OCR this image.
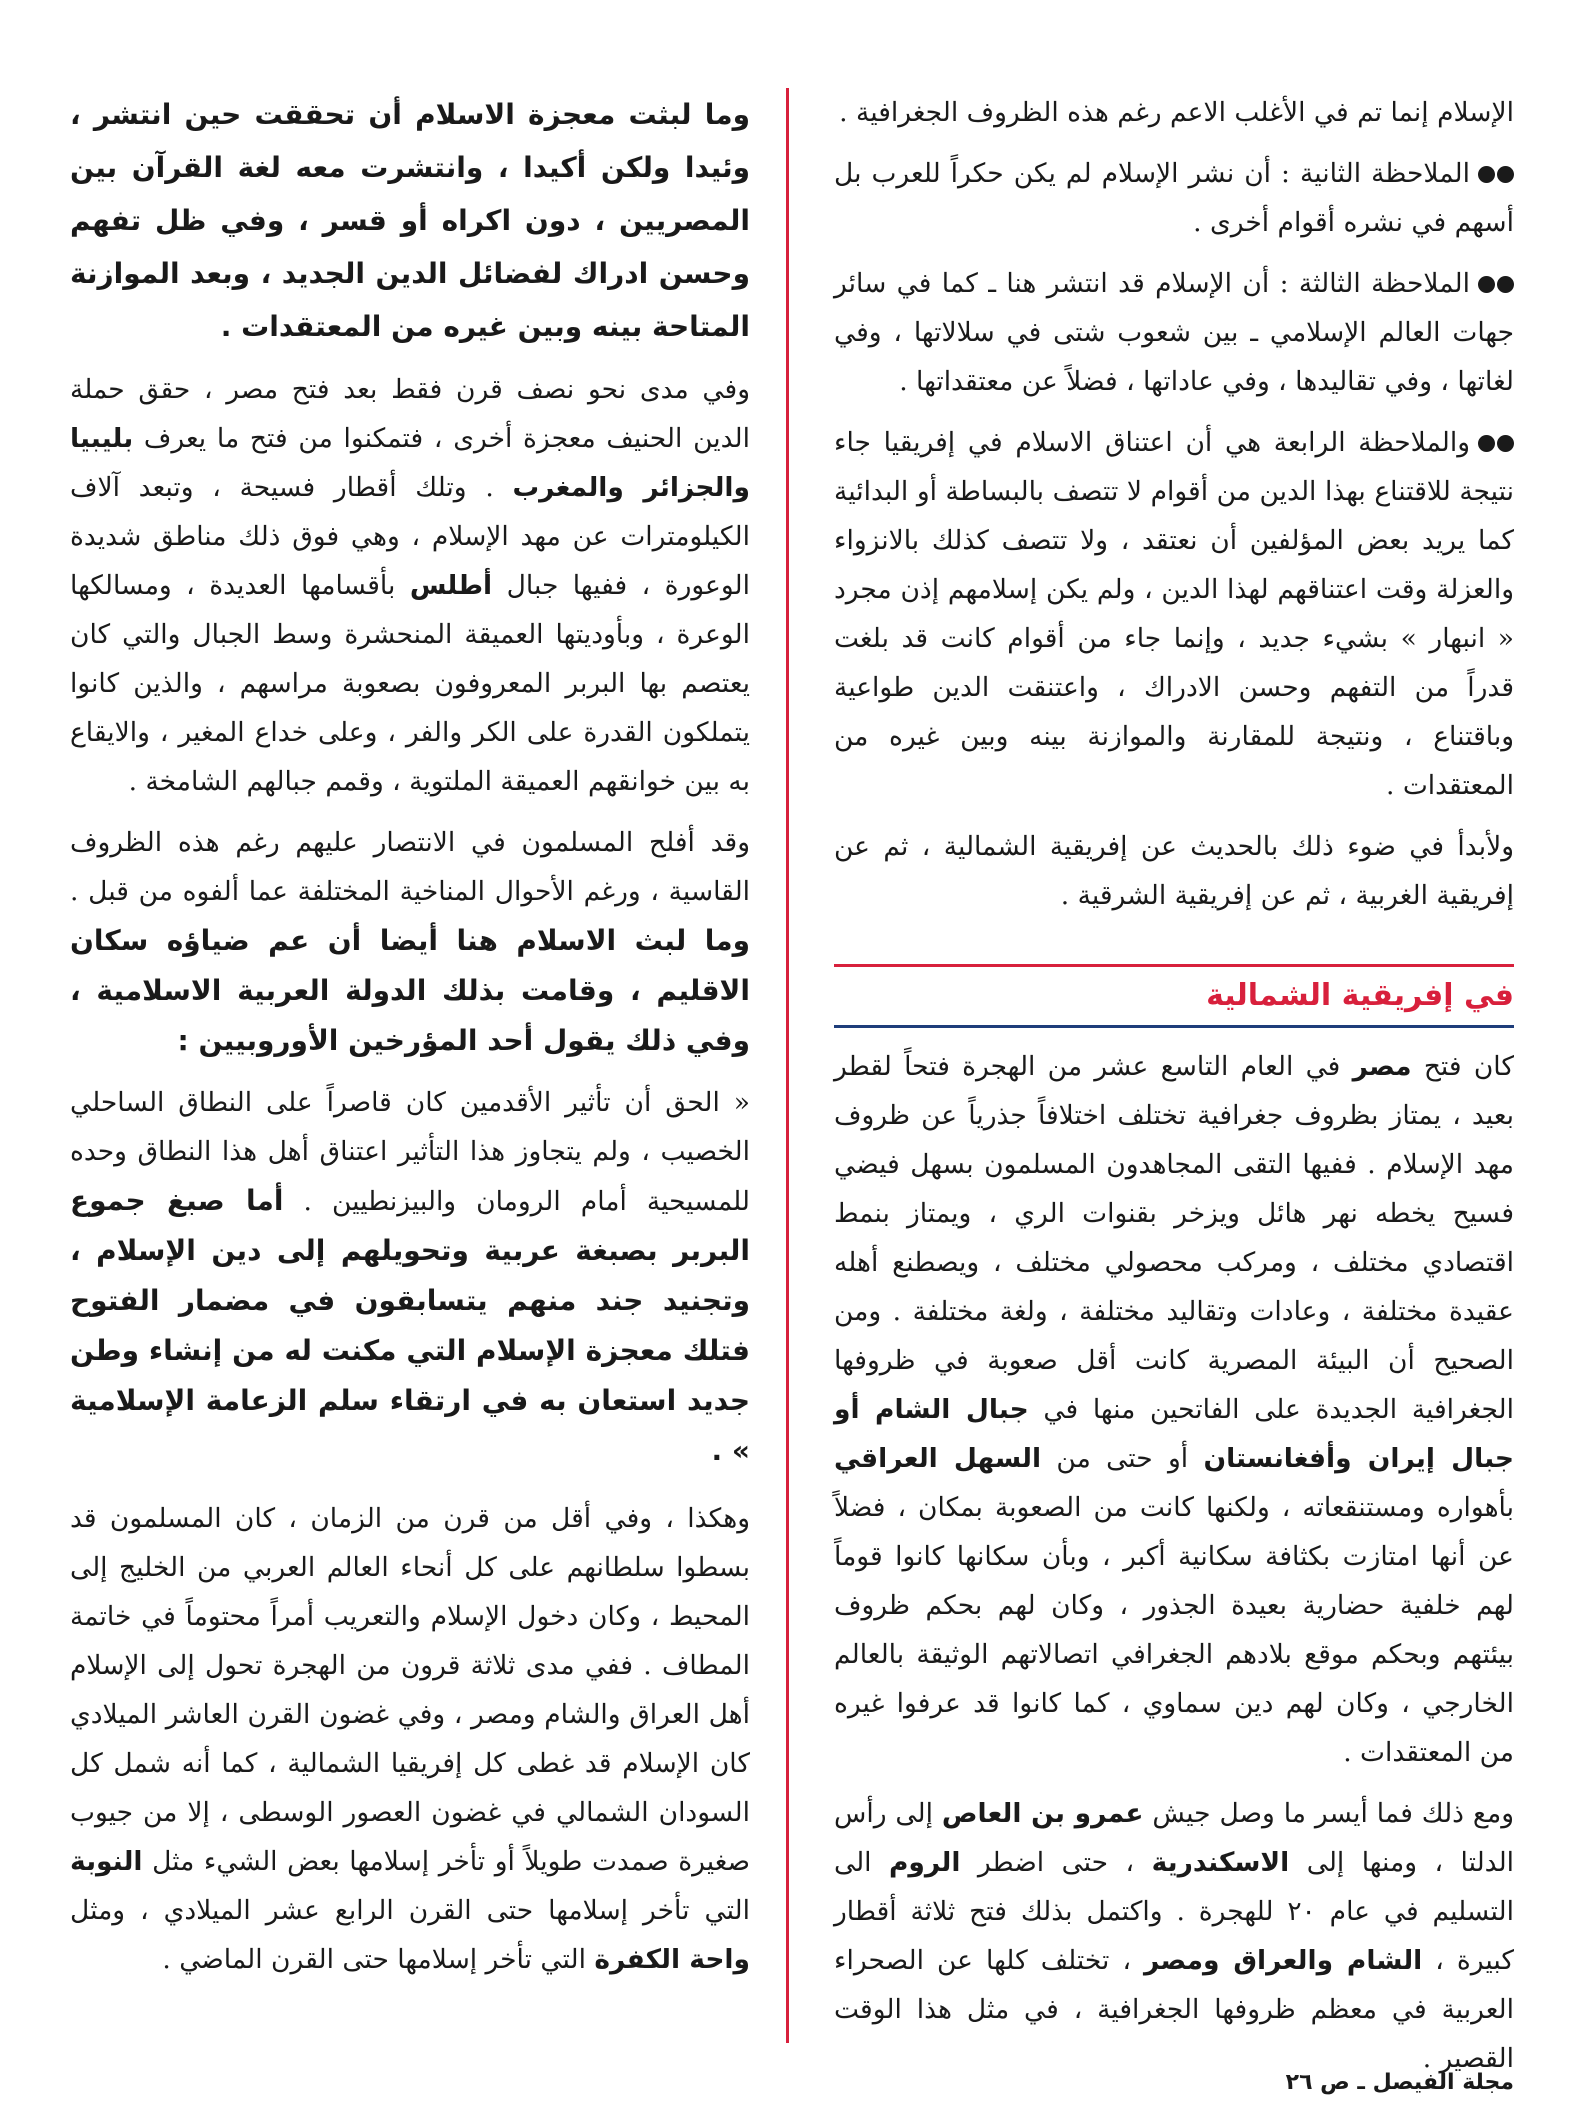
الإسلام إنما تم في الأغلب الاعم رغم هذه الظروف الجغرافية .

الملاحظة الثانية : أن نشر الإسلام لم يكن حكراً للعرب بل أسهم في نشره أقوام أخرى .

الملاحظة الثالثة : أن الإسلام قد انتشر هنا ـ كما في سائر جهات العالم الإسلامي ـ بين شعوب شتى في سلالاتها ، وفي لغاتها ، وفي تقاليدها ، وفي عاداتها ، فضلاً عن معتقداتها .

والملاحظة الرابعة هي أن اعتناق الاسلام في إفريقيا جاء نتيجة للاقتناع بهذا الدين من أقوام لا تتصف بالبساطة أو البدائية كما يريد بعض المؤلفين أن نعتقد ، ولا تتصف كذلك بالانزواء والعزلة وقت اعتناقهم لهذا الدين ، ولم يكن إسلامهم إذن مجرد « انبهار » بشيء جديد ، وإنما جاء من أقوام كانت قد بلغت قدراً من التفهم وحسن الادراك ، واعتنقت الدين طواعية وباقتناع ، ونتيجة للمقارنة والموازنة بينه وبين غيره من المعتقدات .

ولأبدأ في ضوء ذلك بالحديث عن إفريقية الشمالية ، ثم عن إفريقية الغربية ، ثم عن إفريقية الشرقية .

في إفريقية الشمالية

كان فتح مصر في العام التاسع عشر من الهجرة فتحاً لقطر بعيد ، يمتاز بظروف جغرافية تختلف اختلافاً جذرياً عن ظروف مهد الإسلام . ففيها التقى المجاهدون المسلمون بسهل فيضي فسيح يخطه نهر هائل ويزخر بقنوات الري ، ويمتاز بنمط اقتصادي مختلف ، ومركب محصولي مختلف ، ويصطنع أهله عقيدة مختلفة ، وعادات وتقاليد مختلفة ، ولغة مختلفة . ومن الصحيح أن البيئة المصرية كانت أقل صعوبة في ظروفها الجغرافية الجديدة على الفاتحين منها في جبال الشام أو جبال إيران وأفغانستان أو حتى من السهل العراقي بأهواره ومستنقعاته ، ولكنها كانت من الصعوبة بمكان ، فضلاً عن أنها امتازت بكثافة سكانية أكبر ، وبأن سكانها كانوا قوماً لهم خلفية حضارية بعيدة الجذور ، وكان لهم بحكم ظروف بيئتهم وبحكم موقع بلادهم الجغرافي اتصالاتهم الوثيقة بالعالم الخارجي ، وكان لهم دين سماوي ، كما كانوا قد عرفوا غيره من المعتقدات .

ومع ذلك فما أيسر ما وصل جيش عمرو بن العاص إلى رأس الدلتا ، ومنها إلى الاسكندرية ، حتى اضطر الروم الى التسليم في عام ٢٠ للهجرة . واكتمل بذلك فتح ثلاثة أقطار كبيرة ، الشام والعراق ومصر ، تختلف كلها عن الصحراء العربية في معظم ظروفها الجغرافية ، في مثل هذا الوقت القصير .

وما لبثت معجزة الاسلام أن تحققت حين انتشر ، وئيدا ولكن أكيدا ، وانتشرت معه لغة القرآن بين المصريين ، دون اكراه أو قسر ، وفي ظل تفهم وحسن ادراك لفضائل الدين الجديد ، وبعد الموازنة المتاحة بينه وبين غيره من المعتقدات .

وفي مدى نحو نصف قرن فقط بعد فتح مصر ، حقق حملة الدين الحنيف معجزة أخرى ، فتمكنوا من فتح ما يعرف بليبيا والجزائر والمغرب . وتلك أقطار فسيحة ، وتبعد آلاف الكيلومترات عن مهد الإسلام ، وهي فوق ذلك مناطق شديدة الوعورة ، ففيها جبال أطلس بأقسامها العديدة ، ومسالكها الوعرة ، وبأوديتها العميقة المنحشرة وسط الجبال والتي كان يعتصم بها البربر المعروفون بصعوبة مراسهم ، والذين كانوا يتملكون القدرة على الكر والفر ، وعلى خداع المغير ، والايقاع به بين خوانقهم العميقة الملتوية ، وقمم جبالهم الشامخة .

وقد أفلح المسلمون في الانتصار عليهم رغم هذه الظروف القاسية ، ورغم الأحوال المناخية المختلفة عما ألفوه من قبل . وما لبث الاسلام هنا أيضا أن عم ضياؤه سكان الاقليم ، وقامت بذلك الدولة العربية الاسلامية ، وفي ذلك يقول أحد المؤرخين الأوروبيين :

« الحق أن تأثير الأقدمين كان قاصراً على النطاق الساحلي الخصيب ، ولم يتجاوز هذا التأثير اعتناق أهل هذا النطاق وحده للمسيحية أمام الرومان والبيزنطيين . أما صبغ جموع البربر بصبغة عربية وتحويلهم إلى دين الإسلام ، وتجنيد جند منهم يتسابقون في مضمار الفتوح فتلك معجزة الإسلام التي مكنت له من إنشاء وطن جديد استعان به في ارتقاء سلم الزعامة الإسلامية » .

وهكذا ، وفي أقل من قرن من الزمان ، كان المسلمون قد بسطوا سلطانهم على كل أنحاء العالم العربي من الخليج إلى المحيط ، وكان دخول الإسلام والتعريب أمراً محتوماً في خاتمة المطاف . ففي مدى ثلاثة قرون من الهجرة تحول إلى الإسلام أهل العراق والشام ومصر ، وفي غضون القرن العاشر الميلادي كان الإسلام قد غطى كل إفريقيا الشمالية ، كما أنه شمل كل السودان الشمالي في غضون العصور الوسطى ، إلا من جيوب صغيرة صمدت طويلاً أو تأخر إسلامها بعض الشيء مثل النوبة التي تأخر إسلامها حتى القرن الرابع عشر الميلادي ، ومثل واحة الكفرة التي تأخر إسلامها حتى القرن الماضي .

مجلة الفيصل ـ ص ٢٦
